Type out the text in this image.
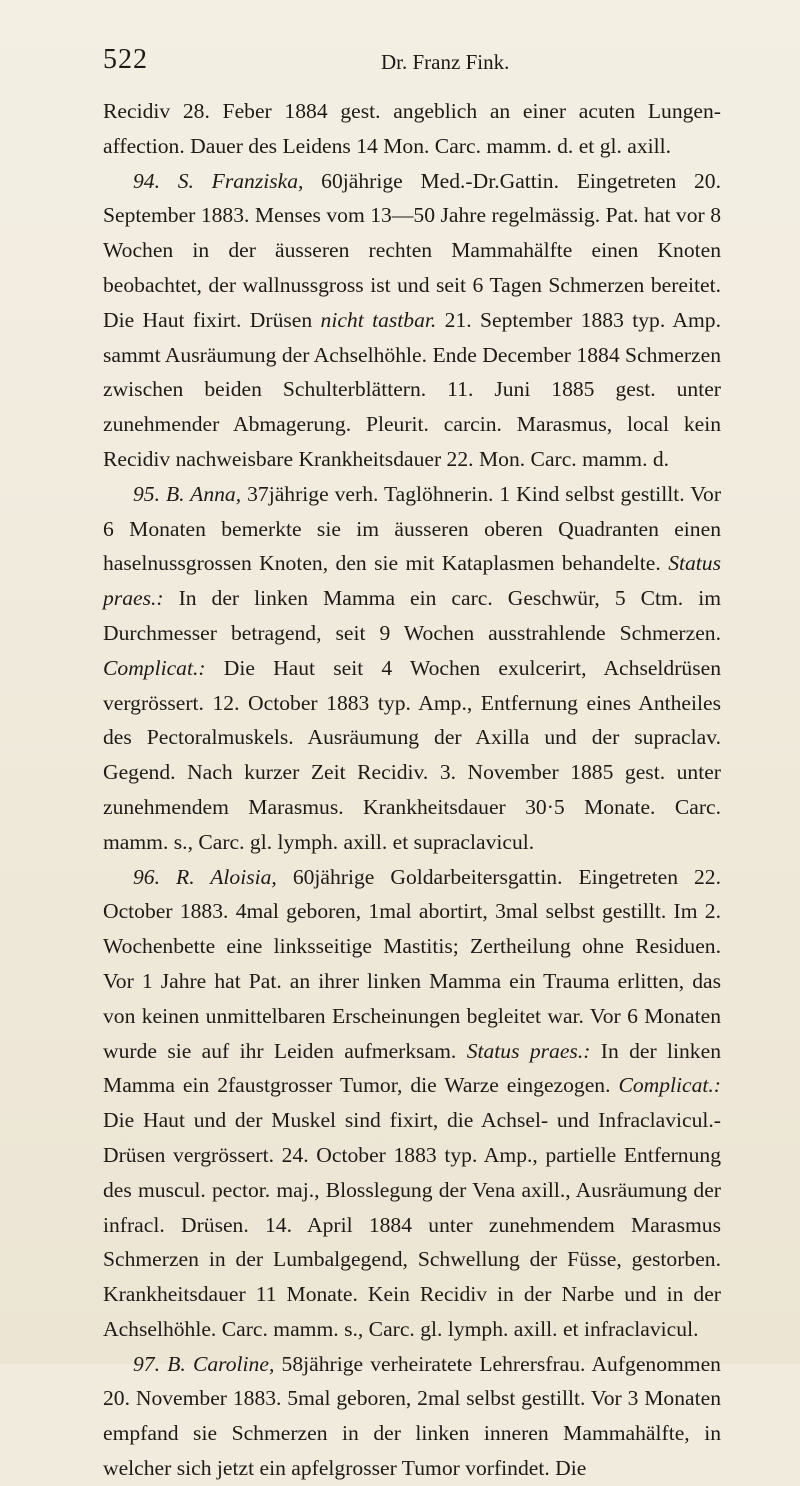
522	Dr. Franz Fink.

Recidiv 28. Feber 1884 gest. angeblich an einer acuten Lungen-affection. Dauer des Leidens 14 Mon. Carc. mamm. d. et gl. axill.

94. S. Franziska, 60jährige Med.-Dr.Gattin. Eingetreten 20. September 1883. Menses vom 13—50 Jahre regelmässig. Pat. hat vor 8 Wochen in der äusseren rechten Mammahälfte einen Knoten beobachtet, der wallnussgross ist und seit 6 Tagen Schmerzen bereitet. Die Haut fixirt. Drüsen nicht tastbar. 21. September 1883 typ. Amp. sammt Ausräumung der Achselhöhle. Ende December 1884 Schmerzen zwischen beiden Schulterblättern. 11. Juni 1885 gest. unter zunehmender Abmagerung. Pleurit. carcin. Marasmus, local kein Recidiv nachweisbare Krankheitsdauer 22. Mon. Carc. mamm. d.

95. B. Anna, 37jährige verh. Taglöhnerin. 1 Kind selbst gestillt. Vor 6 Monaten bemerkte sie im äusseren oberen Quadranten einen haselnussgrossen Knoten, den sie mit Kataplasmen behandelte. Status praes.: In der linken Mamma ein carc. Geschwür, 5 Ctm. im Durchmesser betragend, seit 9 Wochen ausstrahlende Schmerzen. Complicat.: Die Haut seit 4 Wochen exulcerirt, Achseldrüsen vergrössert. 12. October 1883 typ. Amp., Entfernung eines Antheiles des Pectoralmuskels. Ausräumung der Axilla und der supraclav. Gegend. Nach kurzer Zeit Recidiv. 3. November 1885 gest. unter zunehmendem Marasmus. Krankheitsdauer 30·5 Monate. Carc. mamm. s., Carc. gl. lymph. axill. et supraclavicul.

96. R. Aloisia, 60jährige Goldarbeitersgattin. Eingetreten 22. October 1883. 4mal geboren, 1mal abortirt, 3mal selbst gestillt. Im 2. Wochenbette eine linksseitige Mastitis; Zertheilung ohne Residuen. Vor 1 Jahre hat Pat. an ihrer linken Mamma ein Trauma erlitten, das von keinen unmittelbaren Erscheinungen begleitet war. Vor 6 Monaten wurde sie auf ihr Leiden aufmerksam. Status praes.: In der linken Mamma ein 2faustgrosser Tumor, die Warze eingezogen. Complicat.: Die Haut und der Muskel sind fixirt, die Achsel- und Infraclavicul.-Drüsen vergrössert. 24. October 1883 typ. Amp., partielle Entfernung des muscul. pector. maj., Blosslegung der Vena axill., Ausräumung der infracl. Drüsen. 14. April 1884 unter zunehmendem Marasmus Schmerzen in der Lumbalgegend, Schwellung der Füsse, gestorben. Krankheitsdauer 11 Monate. Kein Recidiv in der Narbe und in der Achselhöhle. Carc. mamm. s., Carc. gl. lymph. axill. et infraclavicul.

97. B. Caroline, 58jährige verheiratete Lehrersfrau. Aufgenommen 20. November 1883. 5mal geboren, 2mal selbst gestillt. Vor 3 Monaten empfand sie Schmerzen in der linken inneren Mammahälfte, in welcher sich jetzt ein apfelgrosser Tumor vorfindet. Die
